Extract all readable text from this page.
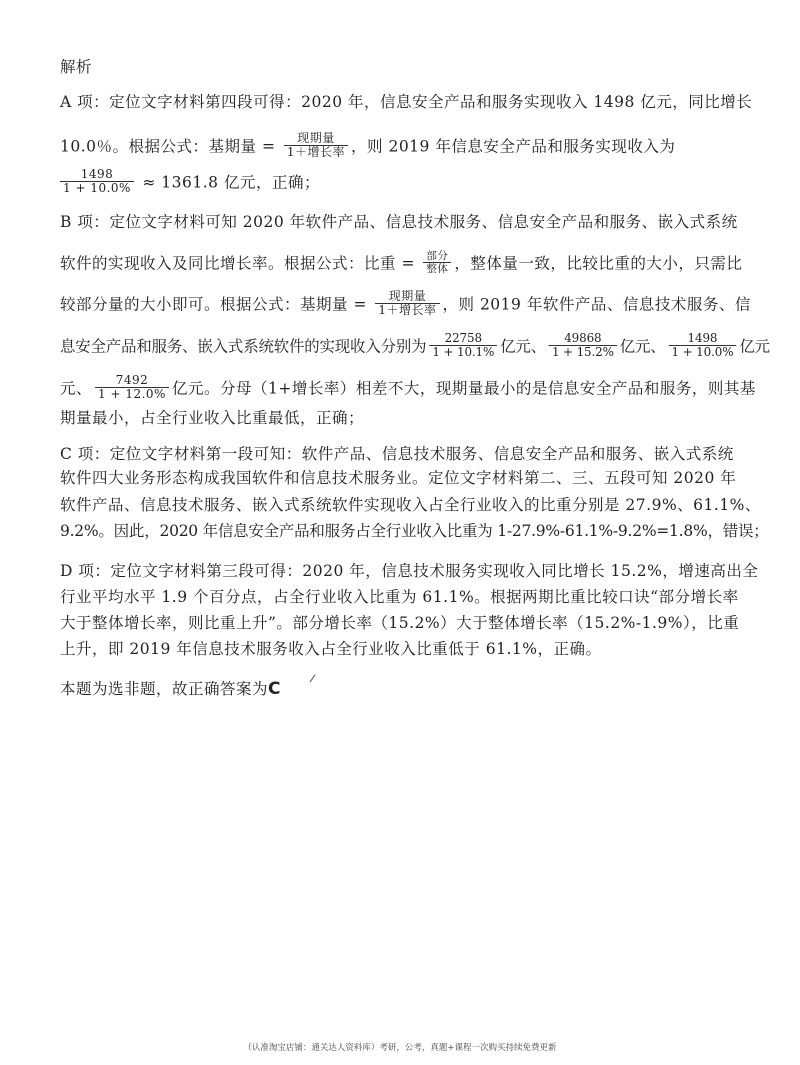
解析
A 项：定位文字材料第四段可得：2020 年，信息安全产品和服务实现收入 1498 亿元，同比增长
10.0％。根据公式：基期量 = $\frac{\text{现期量}}{\text{1＋增长率}}$ ，则 2019 年信息安全产品和服务实现收入为
$\frac{1498}{1 + 10.0\%} \approx 1361.8$ 亿元，正确；
B 项：定位文字材料可知 2020 年软件产品、信息技术服务、信息安全产品和服务、嵌入式系统
软件的实现收入及同比增长率。根据公式：比重 = $\frac{\text{部分}}{\text{整体}}$ ，整体量一致，比较比重的大小，只需比
较部分量的大小即可。根据公式：基期量 = $\frac{\text{现期量}}{\text{1＋增长率}}$ ，则 2019 年软件产品、信息技术服务、信
息安全产品和服务、嵌入式系统软件的实现收入分别为 $\frac{22758}{1 + 10.1\%}$ 亿元、 $\frac{49868}{1 + 15.2\%}$ 亿元、 $\frac{1498}{1 + 10.0\%}$ 亿元
元、 $\frac{7492}{1 + 12.0\%}$ 亿元。分母（1+增长率）相差不大，现期量最小的是信息安全产品和服务，则其基
期量最小，占全行业收入比重最低，正确；
C 项：定位文字材料第一段可知：软件产品、信息技术服务、信息安全产品和服务、嵌入式系统
软件四大业务形态构成我国软件和信息技术服务业。定位文字材料第二、三、五段可知 2020 年
软件产品、信息技术服务、嵌入式系统软件实现收入占全行业收入的比重分别是 27.9%、61.1%、
9.2%。因此，2020 年信息安全产品和服务占全行业收入比重为 1-27.9%-61.1%-9.2%=1.8%，错误；
D 项：定位文字材料第三段可得：2020 年，信息技术服务实现收入同比增长 15.2%，增速高出全
行业平均水平 1.9 个百分点，占全行业收入比重为 61.1%。根据两期比重比较口诀“部分增长率
大于整体增长率，则比重上升”。部分增长率（15.2%）大于整体增长率（15.2%-1.9%），比重
上升，即 2019 年信息技术服务收入占全行业收入比重低于 61.1%，正确。
本题为选非题，故正确答案为C
（认准淘宝店铺：通关达人资料库）考研，公考，真题+课程一次购买持续免费更新
